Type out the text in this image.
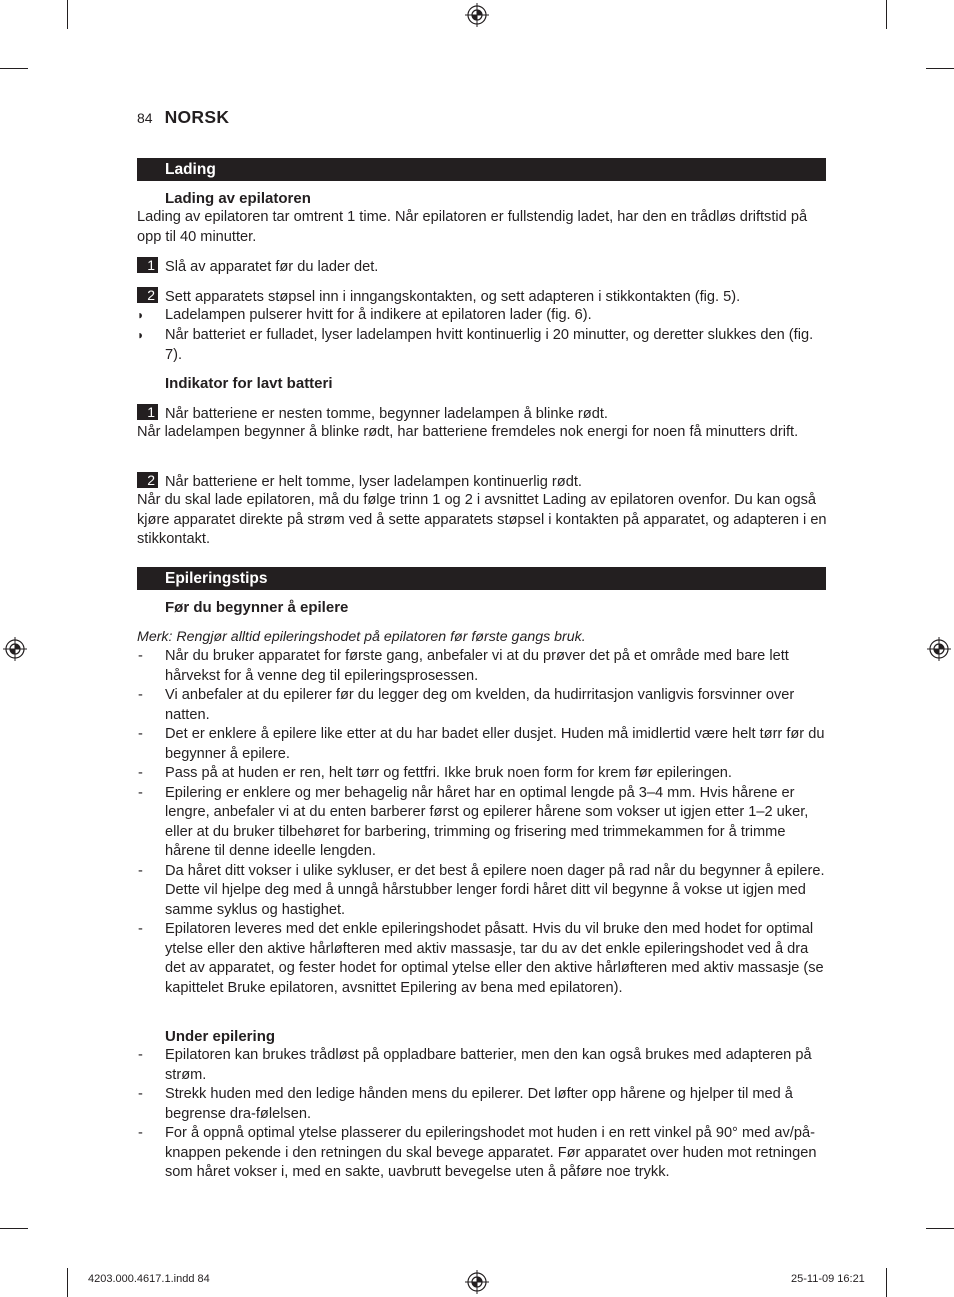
84 NORSK
Lading
Lading av epilatoren
Lading av epilatoren tar omtrent 1 time. Når epilatoren er fullstendig ladet, har den en trådløs driftstid på opp til 40 minutter.
1 Slå av apparatet før du lader det.
2 Sett apparatets støpsel inn i inngangskontakten, og sett adapteren i stikkontakten (fig. 5).
◗ Ladelampen pulserer hvitt for å indikere at epilatoren lader (fig. 6).
◗ Når batteriet er fulladet, lyser ladelampen hvitt kontinuerlig i 20 minutter, og deretter slukkes den (fig. 7).
Indikator for lavt batteri
1 Når batteriene er nesten tomme, begynner ladelampen å blinke rødt.
Når ladelampen begynner å blinke rødt, har batteriene fremdeles nok energi for noen få minutters drift.
2 Når batteriene er helt tomme, lyser ladelampen kontinuerlig rødt.
Når du skal lade epilatoren, må du følge trinn 1 og 2 i avsnittet Lading av epilatoren ovenfor. Du kan også kjøre apparatet direkte på strøm ved å sette apparatets støpsel i kontakten på apparatet, og adapteren i en stikkontakt.
Epileringstips
Før du begynner å epilere
Merk: Rengjør alltid epileringshodet på epilatoren før første gangs bruk.
- Når du bruker apparatet for første gang, anbefaler vi at du prøver det på et område med bare lett hårvekst for å venne deg til epileringsprosessen.
- Vi anbefaler at du epilerer før du legger deg om kvelden, da hudirritasjon vanligvis forsvinner over natten.
- Det er enklere å epilere like etter at du har badet eller dusjet. Huden må imidlertid være helt tørr før du begynner å epilere.
- Pass på at huden er ren, helt tørr og fettfri. Ikke bruk noen form for krem før epileringen.
- Epilering er enklere og mer behagelig når håret har en optimal lengde på 3–4 mm. Hvis hårene er lengre, anbefaler vi at du enten barberer først og epilerer hårene som vokser ut igjen etter 1–2 uker, eller at du bruker tilbehøret for barbering, trimming og frisering med trimmekammen for å trimme hårene til denne ideelle lengden.
- Da håret ditt vokser i ulike sykluser, er det best å epilere noen dager på rad når du begynner å epilere. Dette vil hjelpe deg med å unngå hårstubber lenger fordi håret ditt vil begynne å vokse ut igjen med samme syklus og hastighet.
- Epilatoren leveres med det enkle epileringshodet påsatt. Hvis du vil bruke den med hodet for optimal ytelse eller den aktive hårløfteren med aktiv massasje, tar du av det enkle epileringshodet ved å dra det av apparatet, og fester hodet for optimal ytelse eller den aktive hårløfteren med aktiv massasje (se kapittelet Bruke epilatoren, avsnittet Epilering av bena med epilatoren).
Under epilering
- Epilatoren kan brukes trådløst på oppladbare batterier, men den kan også brukes med adapteren på strøm.
- Strekk huden med den ledige hånden mens du epilerer. Det løfter opp hårene og hjelper til med å begrense dra-følelsen.
- For å oppnå optimal ytelse plasserer du epileringshodet mot huden i en rett vinkel på 90° med av/på-knappen pekende i den retningen du skal bevege apparatet. Før apparatet over huden mot retningen som håret vokser i, med en sakte, uavbrutt bevegelse uten å påføre noe trykk.
4203.000.4617.1.indd 84	25-11-09 16:21
